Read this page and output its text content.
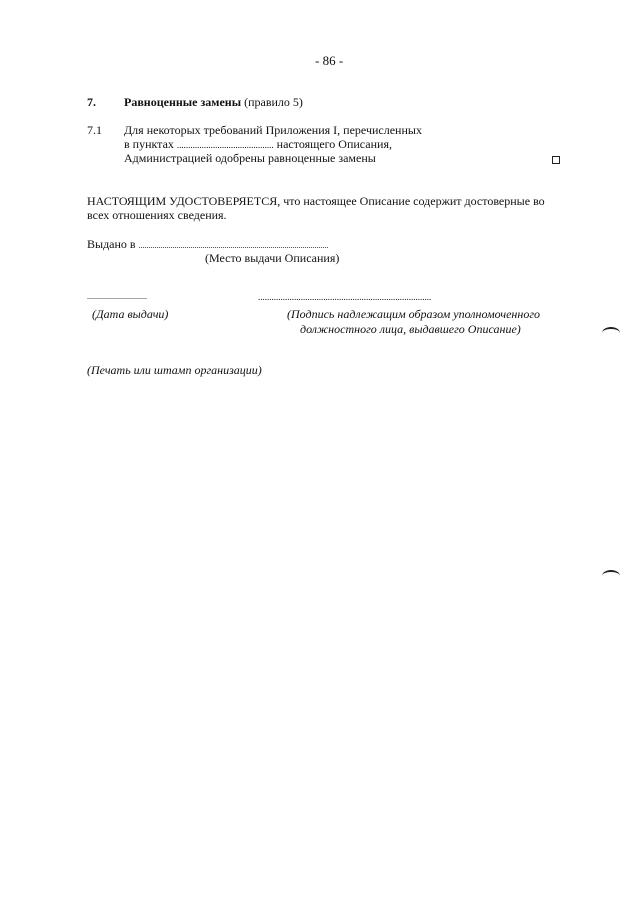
- 86 -
7. Равноценные замены (правило 5)
7.1 Для некоторых требований Приложения I, перечисленных
в пунктах ........................................... настоящего Описания,
Администрацией одобрены равноценные замены
НАСТОЯЩИМ УДОСТОВЕРЯЕТСЯ, что настоящее Описание содержит достоверные во
всех отношениях сведения.
Выдано в ...............................................................................................
(Место выдачи Описания)
..............................
(Дата выдачи)
.............................................................................
(Подпись надлежащим образом уполномоченного
должностного лица, выдавшего Описание)
(Печать или штамп организации)
